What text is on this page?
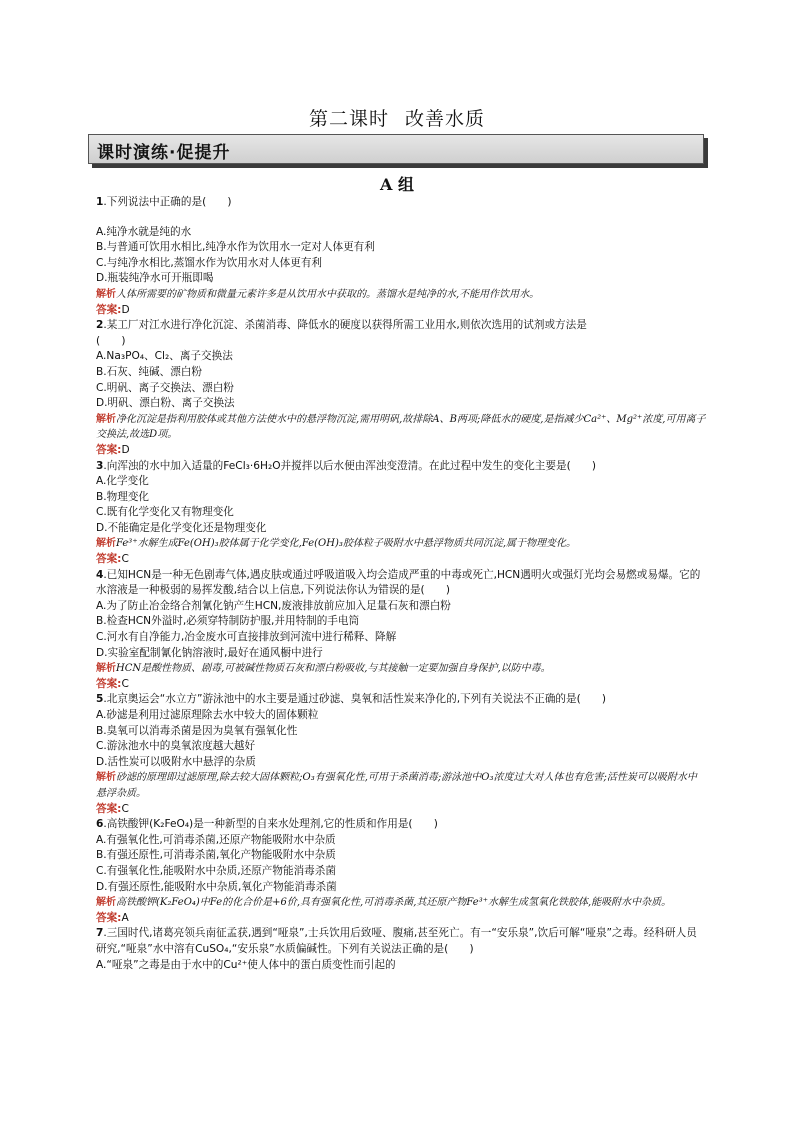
第二课时 改善水质
课时演练·促提升
A 组
1.下列说法中正确的是(　　)
A.纯净水就是纯的水
B.与普通可饮用水相比,纯净水作为饮用水一定对人体更有利
C.与纯净水相比,蒸馏水作为饮用水对人体更有利
D.瓶装纯净水可开瓶即喝
解析人体所需要的矿物质和微量元素许多是从饮用水中获取的。蒸馏水是纯净的水,不能用作饮用水。
答案:D
2.某工厂对江水进行净化沉淀、杀菌消毒、降低水的硬度以获得所需工业用水,则依次选用的试剂或方法是
(　　)
A.Na₃PO₄、Cl₂、离子交换法
B.石灰、纯碱、漂白粉
C.明矾、离子交换法、漂白粉
D.明矾、漂白粉、离子交换法
解析净化沉淀是指利用胶体或其他方法使水中的悬浮物沉淀,需用明矾,故排除A、B两项;降低水的硬度,是指减少Ca²⁺、Mg²⁺浓度,可用离子交换法,故选D项。
答案:D
3.向浑浊的水中加入适量的FeCl₃·6H₂O并搅拌以后水便由浑浊变澄清。在此过程中发生的变化主要是(　　)
A.化学变化
B.物理变化
C.既有化学变化又有物理变化
D.不能确定是化学变化还是物理变化
解析Fe³⁺水解生成Fe(OH)₃胶体属于化学变化,Fe(OH)₃胶体粒子吸附水中悬浮物质共同沉淀,属于物理变化。
答案:C
4.已知HCN是一种无色剧毒气体,遇皮肤或通过呼吸道吸入均会造成严重的中毒或死亡,HCN遇明火或强灯光均会易燃或易爆。它的水溶液是一种极弱的易挥发酸,结合以上信息,下列说法你认为错误的是(　　)
A.为了防止冶金络合剂氰化钠产生HCN,废液排放前应加入足量石灰和漂白粉
B.检查HCN外溢时,必须穿特制防护服,并用特制的手电筒
C.河水有自净能力,冶金废水可直接排放到河流中进行稀释、降解
D.实验室配制氰化钠溶液时,最好在通风橱中进行
解析HCN是酸性物质、剧毒,可被碱性物质石灰和漂白粉吸收,与其接触一定要加强自身保护,以防中毒。
答案:C
5.北京奥运会“水立方”游泳池中的水主要是通过砂滤、臭氧和活性炭来净化的,下列有关说法不正确的是(　　)
A.砂滤是利用过滤原理除去水中较大的固体颗粒
B.臭氧可以消毒杀菌是因为臭氧有强氧化性
C.游泳池水中的臭氧浓度越大越好
D.活性炭可以吸附水中悬浮的杂质
解析砂滤的原理即过滤原理,除去较大固体颗粒;O₃有强氧化性,可用于杀菌消毒;游泳池中O₃浓度过大对人体也有危害;活性炭可以吸附水中悬浮杂质。
答案:C
6.高铁酸钾(K₂FeO₄)是一种新型的自来水处理剂,它的性质和作用是(　　)
A.有强氧化性,可消毒杀菌,还原产物能吸附水中杂质
B.有强还原性,可消毒杀菌,氧化产物能吸附水中杂质
C.有强氧化性,能吸附水中杂质,还原产物能消毒杀菌
D.有强还原性,能吸附水中杂质,氧化产物能消毒杀菌
解析高铁酸钾(K₂FeO₄)中Fe的化合价是+6价,具有强氧化性,可消毒杀菌,其还原产物Fe³⁺水解生成氢氧化铁胶体,能吸附水中杂质。
答案:A
7.三国时代,诸葛亮领兵南征孟获,遇到“哑泉”,士兵饮用后致哑、腹痛,甚至死亡。有一“安乐泉”,饮后可解“哑泉”之毒。经科研人员研究,“哑泉”水中溶有CuSO₄,“安乐泉”水质偏碱性。下列有关说法正确的是(　　)
A.“哑泉”之毒是由于水中的Cu²⁺使人体中的蛋白质变性而引起的
